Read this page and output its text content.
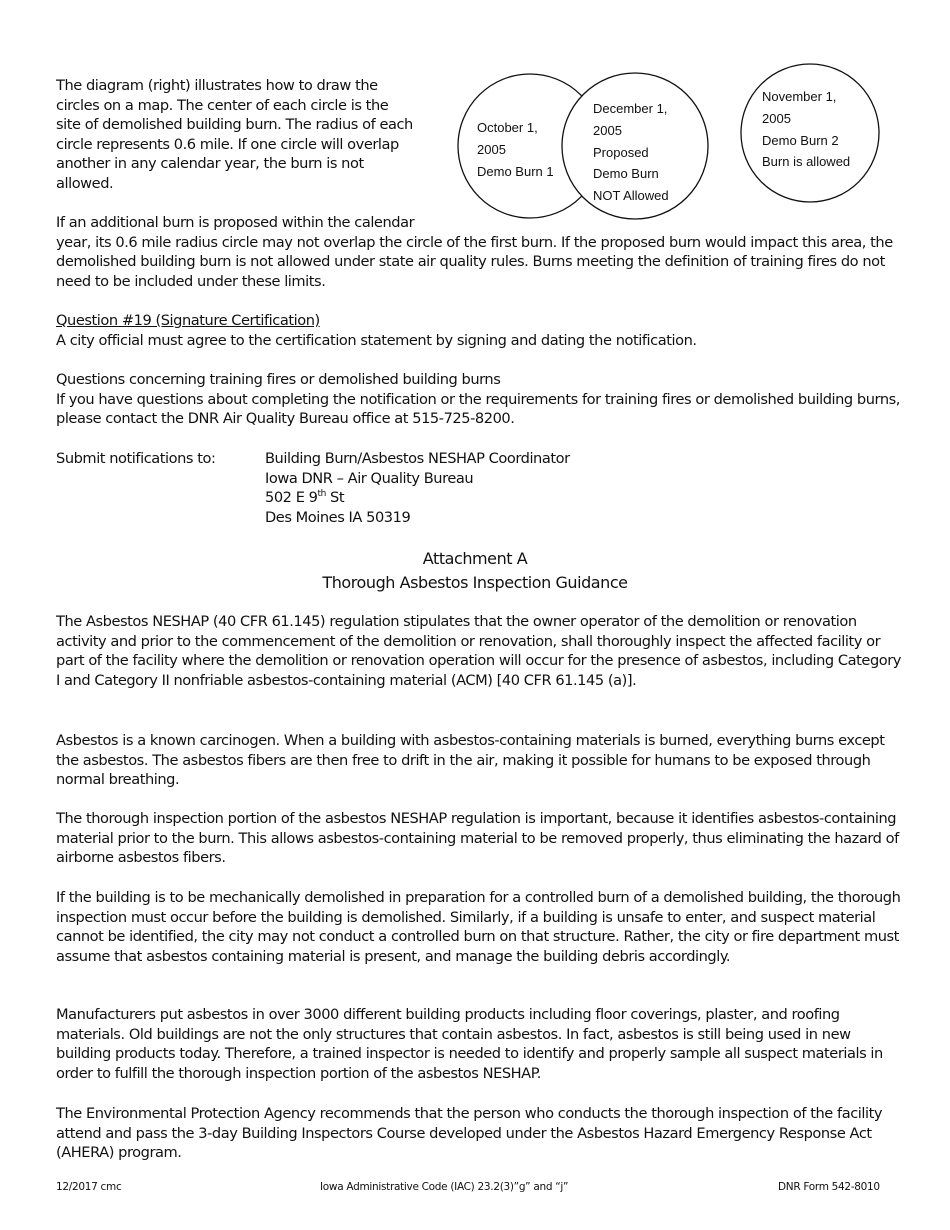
The diagram (right) illustrates how to draw the
circles on a map. The center of each circle is the
site of demolished building burn. The radius of each
circle represents 0.6 mile. If one circle will overlap
another in any calendar year, the burn is not
allowed.
October 1,
2005
Demo Burn 1
December 1,
2005
Proposed
Demo Burn
NOT Allowed
November 1,
2005
Demo Burn 2
Burn is allowed
If an additional burn is proposed within the calendar

year, its 0.6 mile radius circle may not overlap the circle of the first burn. If the proposed burn would impact this area, the demolished building burn is not allowed under state air quality rules. Burns meeting the definition of training fires do not need to be included under these limits.

Question #19 (Signature Certification)

A city official must agree to the certification statement by signing and dating the notification.

Questions concerning training fires or demolished building burns

If you have questions about completing the notification or the requirements for training fires or demolished building burns, please contact the DNR Air Quality Bureau office at 515-725-8200.

Submit notifications to:	Building Burn/Asbestos NESHAP Coordinator
Iowa DNR – Air Quality Bureau
502 E 9th St
Des Moines IA 50319
Attachment A
Thorough Asbestos Inspection Guidance

The Asbestos NESHAP (40 CFR 61.145) regulation stipulates that the owner operator of the demolition or renovation activity and prior to the commencement of the demolition or renovation, shall thoroughly inspect the affected facility or part of the facility where the demolition or renovation operation will occur for the presence of asbestos, including Category I and Category II nonfriable asbestos-containing material (ACM) [40 CFR 61.145 (a)].

Asbestos is a known carcinogen. When a building with asbestos-containing materials is burned, everything burns except the asbestos. The asbestos fibers are then free to drift in the air, making it possible for humans to be exposed through normal breathing.

The thorough inspection portion of the asbestos NESHAP regulation is important, because it identifies asbestos-containing material prior to the burn. This allows asbestos-containing material to be removed properly, thus eliminating the hazard of airborne asbestos fibers.

If the building is to be mechanically demolished in preparation for a controlled burn of a demolished building, the thorough inspection must occur before the building is demolished. Similarly, if a building is unsafe to enter, and suspect material cannot be identified, the city may not conduct a controlled burn on that structure. Rather, the city or fire department must assume that asbestos containing material is present, and manage the building debris accordingly.

Manufacturers put asbestos in over 3000 different building products including floor coverings, plaster, and roofing materials. Old buildings are not the only structures that contain asbestos. In fact, asbestos is still being used in new building products today. Therefore, a trained inspector is needed to identify and properly sample all suspect materials in order to fulfill the thorough inspection portion of the asbestos NESHAP.

The Environmental Protection Agency recommends that the person who conducts the thorough inspection of the facility attend and pass the 3-day Building Inspectors Course developed under the Asbestos Hazard Emergency Response Act (AHERA) program.

12/2017 cmc	Iowa Administrative Code (IAC) 23.2(3)”g” and “j”	DNR Form 542-8010
